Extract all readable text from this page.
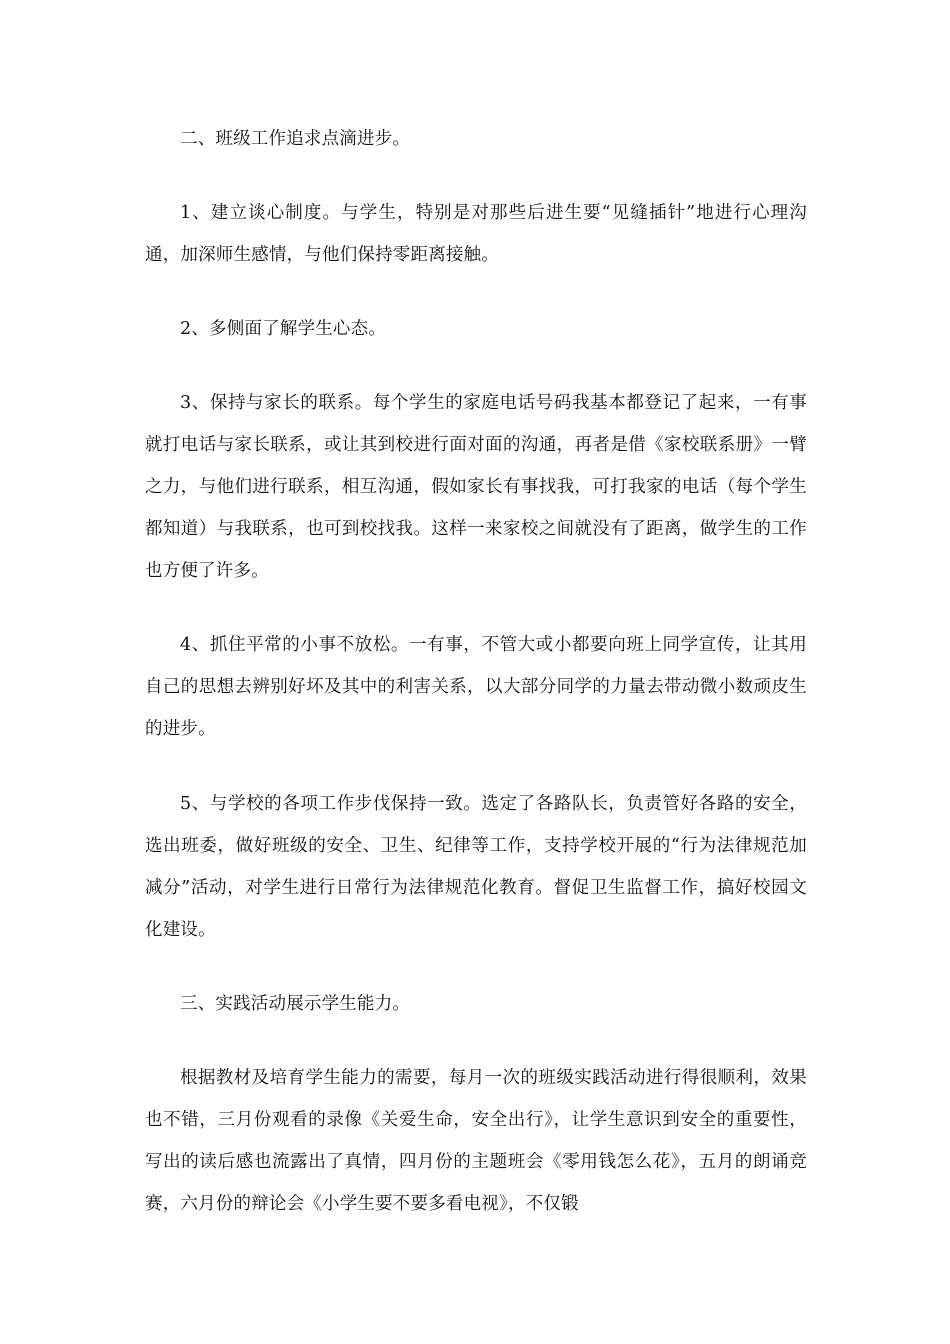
二、班级工作追求点滴进步。

1、建立谈心制度。与学生，特别是对那些后进生要“见缝插针”地进行心理沟通，加深师生感情，与他们保持零距离接触。

2、多侧面了解学生心态。

3、保持与家长的联系。每个学生的家庭电话号码我基本都登记了起来，一有事就打电话与家长联系，或让其到校进行面对面的沟通，再者是借《家校联系册》一臂之力，与他们进行联系，相互沟通，假如家长有事找我，可打我家的电话（每个学生都知道）与我联系，也可到校找我。这样一来家校之间就没有了距离，做学生的工作也方便了许多。

4、抓住平常的小事不放松。一有事，不管大或小都要向班上同学宣传，让其用自己的思想去辨别好坏及其中的利害关系，以大部分同学的力量去带动微小数顽皮生的进步。

5、与学校的各项工作步伐保持一致。选定了各路队长，负责管好各路的安全，选出班委，做好班级的安全、卫生、纪律等工作，支持学校开展的“行为法律规范加减分”活动，对学生进行日常行为法律规范化教育。督促卫生监督工作，搞好校园文化建设。

三、实践活动展示学生能力。

根据教材及培育学生能力的需要，每月一次的班级实践活动进行得很顺利，效果也不错，三月份观看的录像《关爱生命，安全出行》，让学生意识到安全的重要性，写出的读后感也流露出了真情，四月份的主题班会《零用钱怎么花》，五月的朗诵竞赛，六月份的辩论会《小学生要不要多看电视》，不仅锻
